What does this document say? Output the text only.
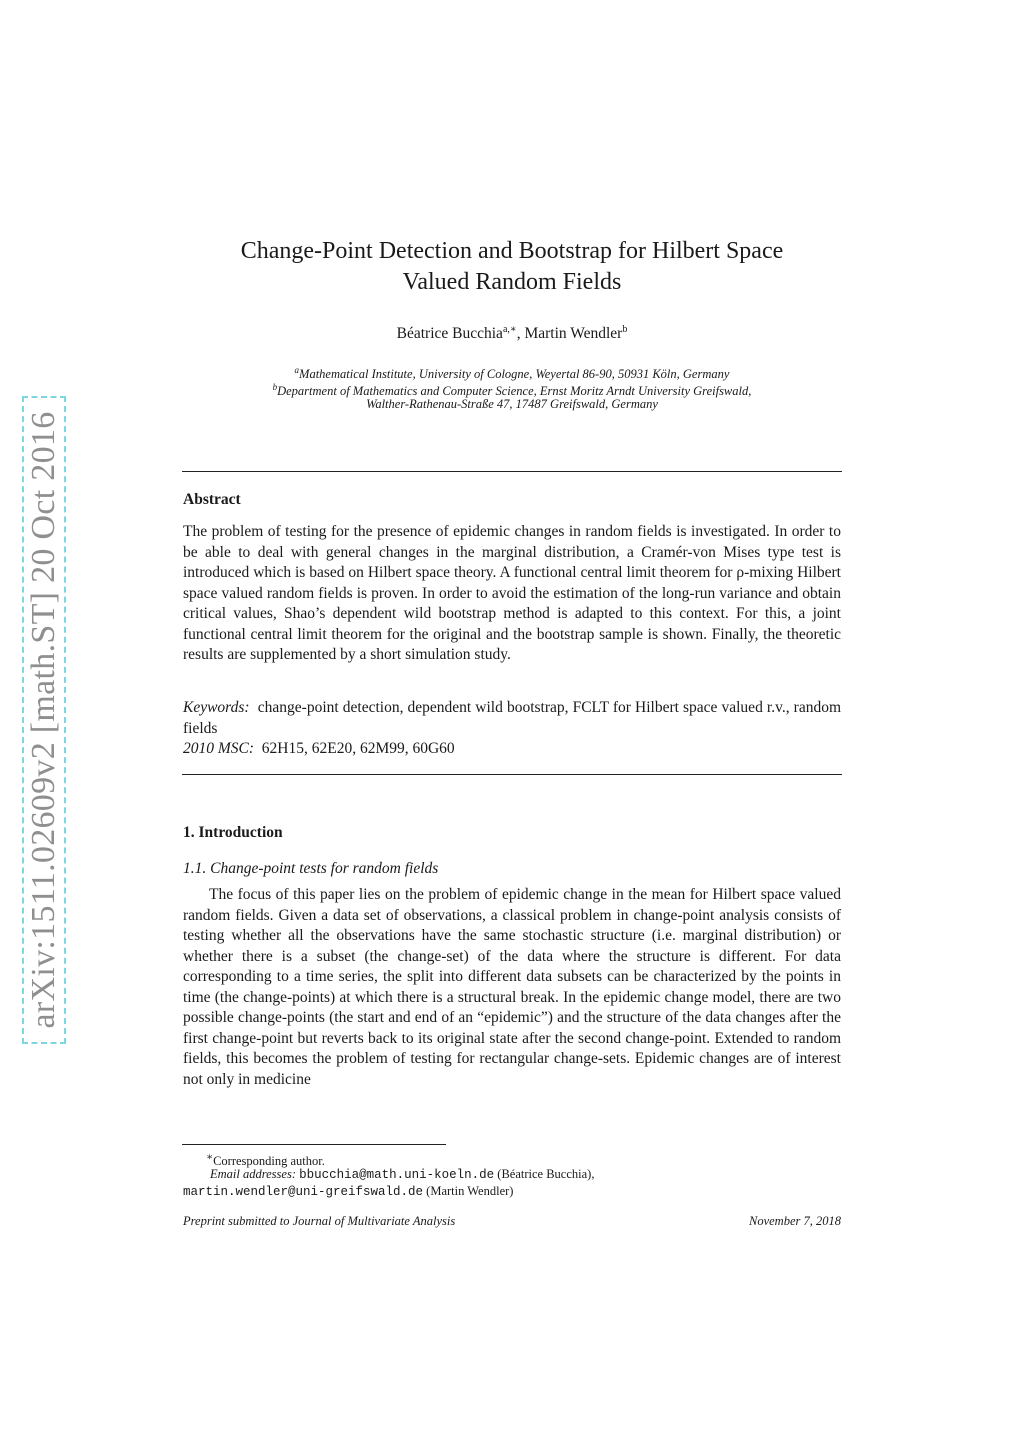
arXiv:1511.02609v2 [math.ST] 20 Oct 2016
Change-Point Detection and Bootstrap for Hilbert Space
Valued Random Fields
Béatrice Bucchia$^{a,∗}$, Martin Wendler$^b$
$^a$Mathematical Institute, University of Cologne, Weyertal 86-90, 50931 Köln, Germany
$^b$Department of Mathematics and Computer Science, Ernst Moritz Arndt University Greifswald,
Walther-Rathenau-Straße 47, 17487 Greifswald, Germany
Abstract
The problem of testing for the presence of epidemic changes in random fields is investigated. In order to be able to deal with general changes in the marginal distribution, a Cramér-von Mises type test is introduced which is based on Hilbert space theory. A functional central limit theorem for ρ-mixing Hilbert space valued random fields is proven. In order to avoid the estimation of the long-run variance and obtain critical values, Shao’s dependent wild bootstrap method is adapted to this context. For this, a joint functional central limit theorem for the original and the bootstrap sample is shown. Finally, the theoretic results are supplemented by a short simulation study.
Keywords: change-point detection, dependent wild bootstrap, FCLT for Hilbert space valued r.v., random fields
2010 MSC: 62H15, 62E20, 62M99, 60G60
1. Introduction
1.1. Change-point tests for random fields
The focus of this paper lies on the problem of epidemic change in the mean for Hilbert space valued random fields. Given a data set of observations, a classical problem in change-point analysis consists of testing whether all the observations have the same stochastic structure (i.e. marginal distribution) or whether there is a subset (the change-set) of the data where the structure is different. For data corresponding to a time series, the split into different data subsets can be characterized by the points in time (the change-points) at which there is a structural break. In the epidemic change model, there are two possible change-points (the start and end of an “epidemic”) and the structure of the data changes after the first change-point but reverts back to its original state after the second change-point. Extended to random fields, this becomes the problem of testing for rectangular change-sets. Epidemic changes are of interest not only in medicine
∗Corresponding author.
Email addresses: bbucchia@math.uni-koeln.de (Béatrice Bucchia),
martin.wendler@uni-greifswald.de (Martin Wendler)
Preprint submitted to Journal of Multivariate Analysis	November 7, 2018
